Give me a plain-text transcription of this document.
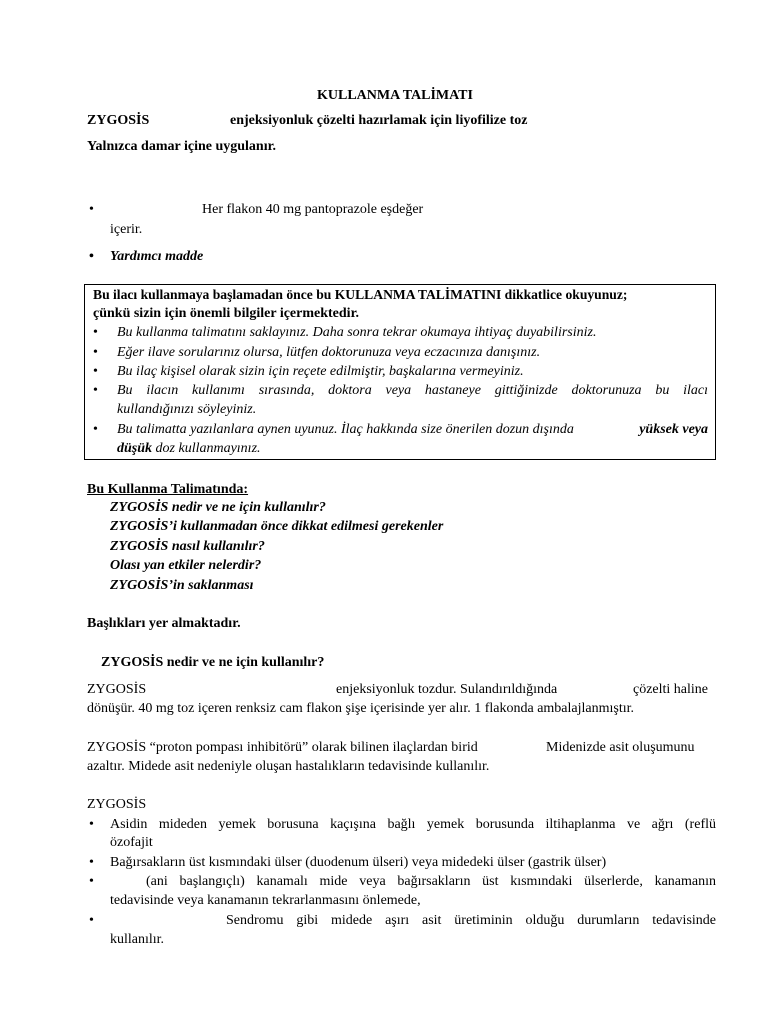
KULLANMA TALİMATI
ZYGOSİS	enjeksiyonluk çözelti hazırlamak için liyofilize toz
Yalnızca damar içine uygulanır.
•	Her flakon 40 mg pantoprazole eşdeğer
içerir.
• Yardımcı madde
Bu ilacı kullanmaya başlamadan önce bu KULLANMA TALİMATINI dikkatlice okuyunuz;
çünkü sizin için önemli bilgiler içermektedir.
• Bu kullanma talimatını saklayınız. Daha sonra tekrar okumaya ihtiyaç duyabilirsiniz.
• Eğer ilave sorularınız olursa, lütfen doktorunuza veya eczacınıza danışınız.
• Bu ilaç kişisel olarak sizin için reçete edilmiştir, başkalarına vermeyiniz.
• Bu ilacın kullanımı sırasında, doktora veya hastaneye gittiğinizde doktorunuza bu ilacı
kullandığınızı söyleyiniz.
• Bu talimatta yazılanlara aynen uyunuz. İlaç hakkında size önerilen dozun dışında	yüksek veya
düşük doz kullanmayınız.
Bu Kullanma Talimatında:
ZYGOSİS nedir ve ne için kullanılır?
ZYGOSİS’i kullanmadan önce dikkat edilmesi gerekenler
ZYGOSİS nasıl kullanılır?
Olası yan etkiler nelerdir?
ZYGOSİS’in saklanması
Başlıkları yer almaktadır.
ZYGOSİS nedir ve ne için kullanılır?
ZYGOSİS	enjeksiyonluk tozdur. Sulandırıldığında	çözelti haline
dönüşür. 40 mg toz içeren renksiz cam flakon şişe içerisinde yer alır. 1 flakonda ambalajlanmıştır.
ZYGOSİS “proton pompası inhibitörü” olarak bilinen ilaçlardan birid	Midenizde asit oluşumunu
azaltır. Midede asit nedeniyle oluşan hastalıkların tedavisinde kullanılır.
ZYGOSİS
• Asidin mideden yemek borusuna kaçışına bağlı yemek borusunda iltihaplanma ve ağrı (reflü
özofajit
• Bağırsakların üst kısmındaki ülser (duodenum ülseri) veya midedeki ülser (gastrik ülser)
•	(ani başlangıçlı) kanamalı mide veya bağırsakların üst kısmındaki ülserlerde, kanamanın
tedavisinde veya kanamanın tekrarlanmasını önlemede,
•	Sendromu gibi midede aşırı asit üretiminin olduğu durumların tedavisinde
kullanılır.
